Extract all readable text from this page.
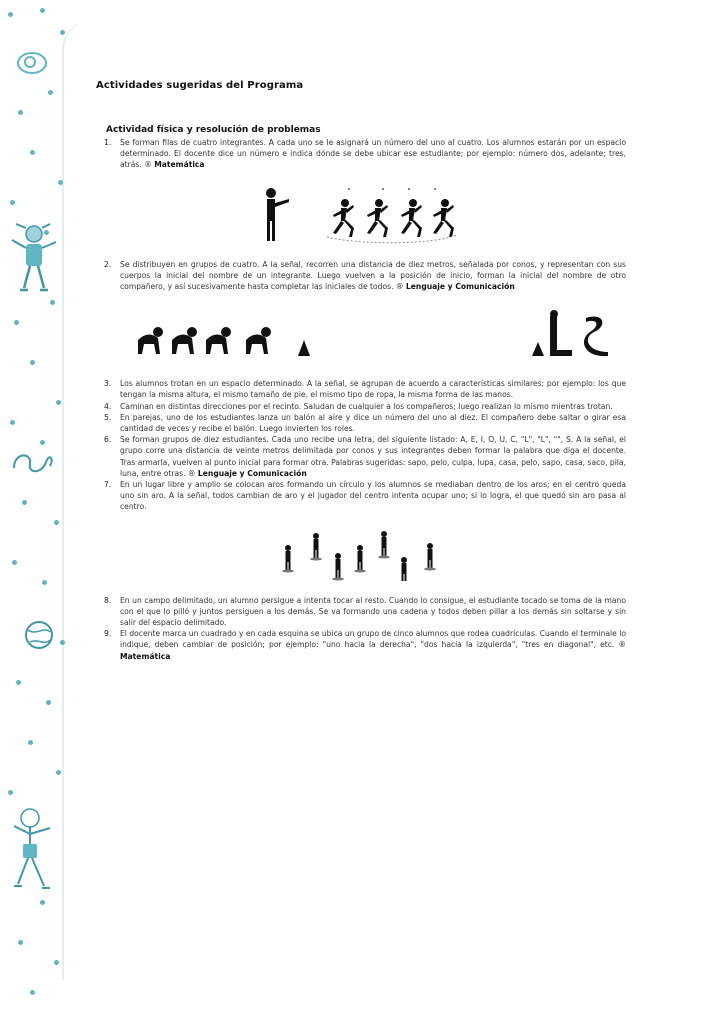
Actividades sugeridas del Programa
Actividad física y resolución de problemas
1. Se forman filas de cuatro integrantes. A cada uno se le asignará un número del uno al cuatro. Los alumnos estarán por un espacio determinado. El docente dice un número e indica dónde se debe ubicar ese estudiante; por ejemplo: número dos, adelante; tres, atrás. ® Matemática
2. Se distribuyen en grupos de cuatro. A la señal, recorren una distancia de diez metros, señalada por conos, y representan con sus cuerpos la inicial del nombre de un integrante. Luego vuelven a la posición de inicio, forman la inicial del nombre de otro compañero, y así sucesivamente hasta completar las iniciales de todos. ® Lenguaje y Comunicación
3. Los alumnos trotan en un espacio determinado. A la señal, se agrupan de acuerdo a características similares; por ejemplo: los que tengan la misma altura, el mismo tamaño de pie, el mismo tipo de ropa, la misma forma de las manos.
4. Caminan en distintas direcciones por el recinto. Saludan de cualquier a los compañeros; luego realizan lo mismo mientras trotan.
5. En parejas, uno de los estudiantes lanza un balón al aire y dice un número del uno al diez. El compañero debe saltar o girar esa cantidad de veces y recibe el balón. Luego invierten los roles.
6. Se forman grupos de diez estudiantes. Cada uno recibe una letra, del siguiente listado: A, E, I, O, U, C, "L", "L", "", S. A la señal, el grupo corre una distancia de veinte metros delimitada por conos y sus integrantes deben formar la palabra que diga el docente. Tras armarla, vuelven al punto inicial para formar otra. Palabras sugeridas: sapo, pelo, culpa, lupa, casa, pelo, sapo, casa, saco, pila, luna, entre otras. ® Lenguaje y Comunicación
7. En un lugar libre y amplio se colocan aros formando un círculo y los alumnos se mediaban dentro de los aros; en el centro queda uno sin aro. A la señal, todos cambian de aro y el jugador del centro intenta ocupar uno; si lo logra, el que quedó sin aro pasa al centro.
8. En un campo delimitado, un alumno persigue a intenta tocar al resto. Cuando lo consigue, el estudiante tocado se toma de la mano con el que lo pilló y juntos persiguen a los demás. Se va formando una cadena y todos deben pillar a los demás sin soltarse y sin salir del espacio delimitado.
9. El docente marca un cuadrado y en cada esquina se ubica un grupo de cinco alumnos que rodea cuadrículas. Cuando el terminale lo indique, deben cambiar de posición; por ejemplo: "uno hacia la derecha", "dos hacia la izquierda", "tres en diagonal", etc. ® Matemática
